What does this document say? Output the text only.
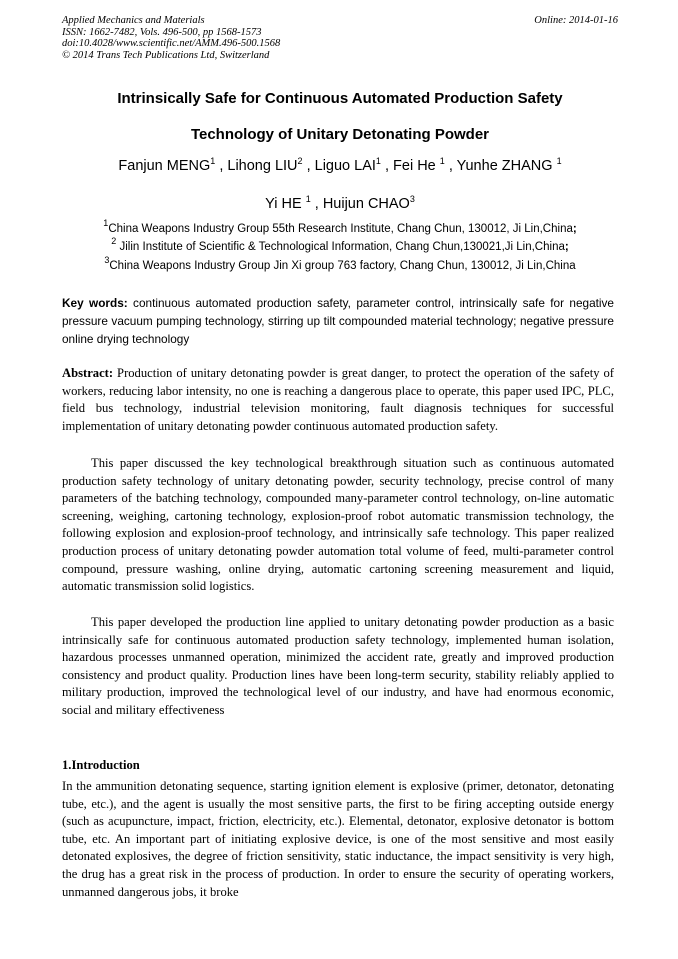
Applied Mechanics and Materials
ISSN: 1662-7482, Vols. 496-500, pp 1568-1573
doi:10.4028/www.scientific.net/AMM.496-500.1568
© 2014 Trans Tech Publications Ltd, Switzerland
Online: 2014-01-16
Intrinsically Safe for Continuous Automated Production Safety
Technology of Unitary Detonating Powder
Fanjun MENG$^1$ , Lihong LIU$^2$ , Liguo LAI$^1$ , Fei He $^1$ , Yunhe ZHANG $^1$
Yi HE $^1$ , Huijun CHAO$^3$
$^1$China Weapons Industry Group 55th Research Institute, Chang Chun, 130012, Ji Lin,China;
$^2$ Jilin Institute of Scientific & Technological Information, Chang Chun,130021,Ji Lin,China;
$^3$China Weapons Industry Group Jin Xi group 763 factory, Chang Chun, 130012, Ji Lin,China
Key words: continuous automated production safety, parameter control, intrinsically safe for negative pressure vacuum pumping technology, stirring up tilt compounded material technology; negative pressure online drying technology

Abstract: Production of unitary detonating powder is great danger, to protect the operation of the safety of workers, reducing labor intensity, no one is reaching a dangerous place to operate, this paper used IPC, PLC, field bus technology, industrial television monitoring, fault diagnosis techniques for successful implementation of unitary detonating powder continuous automated production safety.

This paper discussed the key technological breakthrough situation such as continuous automated production safety technology of unitary detonating powder, security technology, precise control of many parameters of the batching technology, compounded many-parameter control technology, on-line automatic screening, weighing, cartoning technology, explosion-proof robot automatic transmission technology, the following explosion and explosion-proof technology, and intrinsically safe technology. This paper realized production process of unitary detonating powder automation total volume of feed, multi-parameter control compound, pressure washing, online drying, automatic cartoning screening measurement and liquid, automatic transmission solid logistics.

This paper developed the production line applied to unitary detonating powder production as a basic intrinsically safe for continuous automated production safety technology, implemented human isolation, hazardous processes unmanned operation, minimized the accident rate, greatly and improved production consistency and product quality. Production lines have been long-term security, stability reliably applied to military production, improved the technological level of our industry, and have had enormous economic, social and military effectiveness

1.Introduction

In the ammunition detonating sequence, starting ignition element is explosive (primer, detonator, detonating tube, etc.), and the agent is usually the most sensitive parts, the first to be firing accepting outside energy (such as acupuncture, impact, friction, electricity, etc.). Elemental, detonator, explosive detonator is bottom tube, etc. An important part of initiating explosive device, is one of the most sensitive and most easily detonated explosives, the degree of friction sensitivity, static inductance, the impact sensitivity is very high, the drug has a great risk in the process of production. In order to ensure the security of operating workers, unmanned dangerous jobs, it broke
